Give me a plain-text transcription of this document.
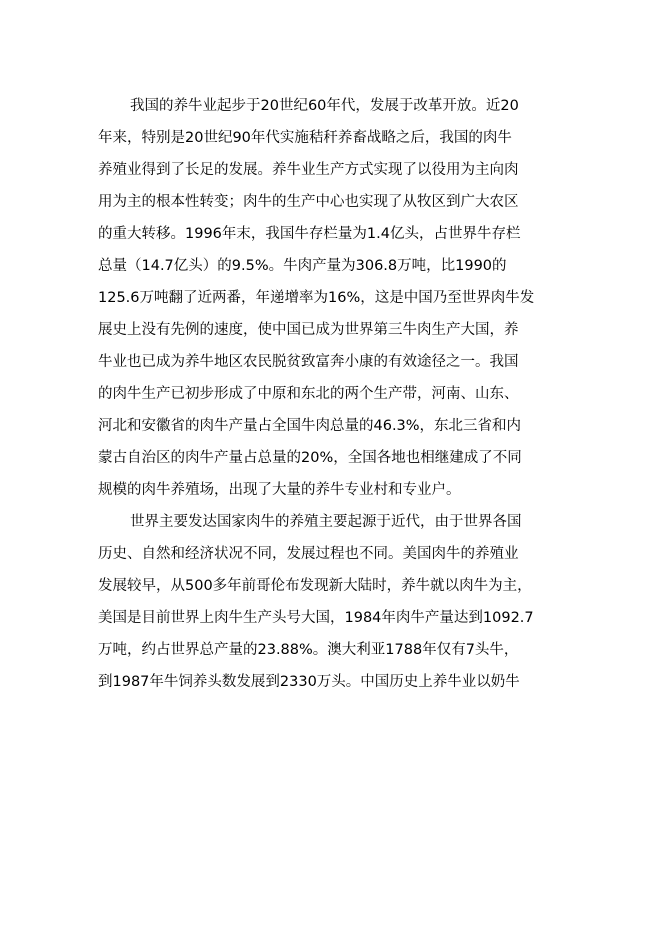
我国的养牛业起步于20世纪60年代，发展于改革开放。近20
年来，特别是20世纪90年代实施秸秆养畜战略之后，我国的肉牛
养殖业得到了长足的发展。养牛业生产方式实现了以役用为主向肉
用为主的根本性转变；肉牛的生产中心也实现了从牧区到广大农区
的重大转移。1996年末，我国牛存栏量为1.4亿头，占世界牛存栏
总量（14.7亿头）的9.5%。牛肉产量为306.8万吨，比1990的
125.6万吨翻了近两番，年递增率为16%，这是中国乃至世界肉牛发
展史上没有先例的速度，使中国已成为世界第三牛肉生产大国，养
牛业也已成为养牛地区农民脱贫致富奔小康的有效途径之一。我国
的肉牛生产已初步形成了中原和东北的两个生产带，河南、山东、
河北和安徽省的肉牛产量占全国牛肉总量的46.3%，东北三省和内
蒙古自治区的肉牛产量占总量的20%，全国各地也相继建成了不同
规模的肉牛养殖场，出现了大量的养牛专业村和专业户。
世界主要发达国家肉牛的养殖主要起源于近代，由于世界各国
历史、自然和经济状况不同，发展过程也不同。美国肉牛的养殖业
发展较早，从500多年前哥伦布发现新大陆时，养牛就以肉牛为主，
美国是目前世界上肉牛生产头号大国，1984年肉牛产量达到1092.7
万吨，约占世界总产量的23.88%。澳大利亚1788年仅有7头牛，
到1987年牛饲养头数发展到2330万头。中国历史上养牛业以奶牛
